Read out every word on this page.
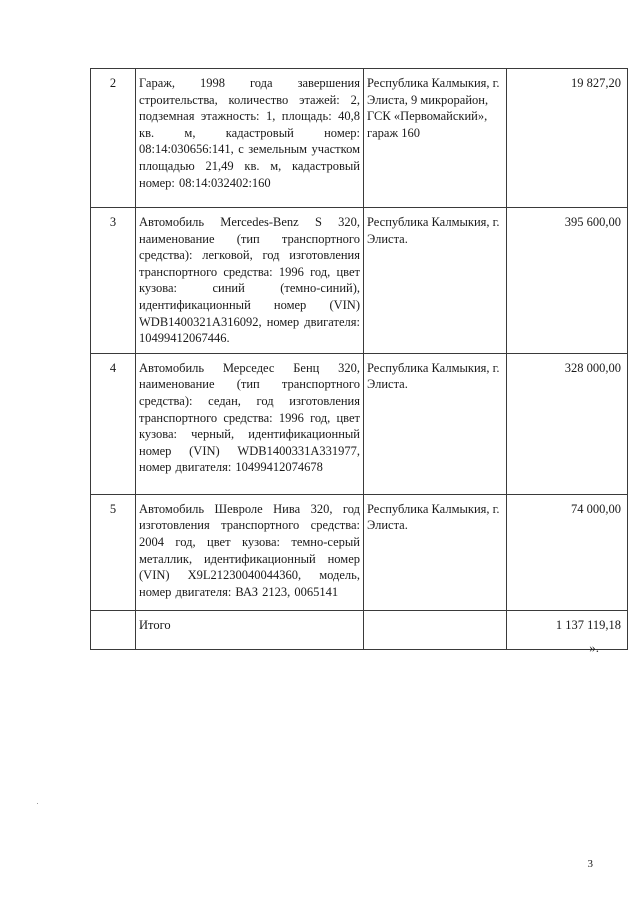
2	Гараж, 1998 года завершения строительства, количество этажей: 2, подземная этажность: 1, площадь: 40,8 кв. м, кадастровый номер: 08:14:030656:141, с земельным участком площадью 21,49 кв. м, кадастровый номер: 08:14:032402:160	Республика Калмыкия, г. Элиста, 9 микрорайон, ГСК «Первомайский», гараж 160	19 827,20
3	Автомобиль Mercedes-Benz S 320, наименование (тип транспортного средства): легковой, год изготовления транспортного средства: 1996 год, цвет кузова: синий (темно-синий), идентификационный номер (VIN) WDB1400321A316092, номер двигателя: 10499412067446.	Республика Калмыкия, г. Элиста.	395 600,00
4	Автомобиль Мерседес Бенц 320, наименование (тип транспортного средства): седан, год изготовления транспортного средства: 1996 год, цвет кузова: черный, идентификационный номер (VIN) WDB1400331A331977, номер двигателя: 10499412074678	Республика Калмыкия, г. Элиста.	328 000,00
5	Автомобиль Шевроле Нива 320, год изготовления транспортного средства: 2004 год, цвет кузова: темно-серый металлик, идентификационный номер (VIN) X9L21230040044360, модель, номер двигателя: ВАЗ 2123, 0065141	Республика Калмыкия, г. Элиста.	74 000,00
	Итого		1 137 119,18
».
3
